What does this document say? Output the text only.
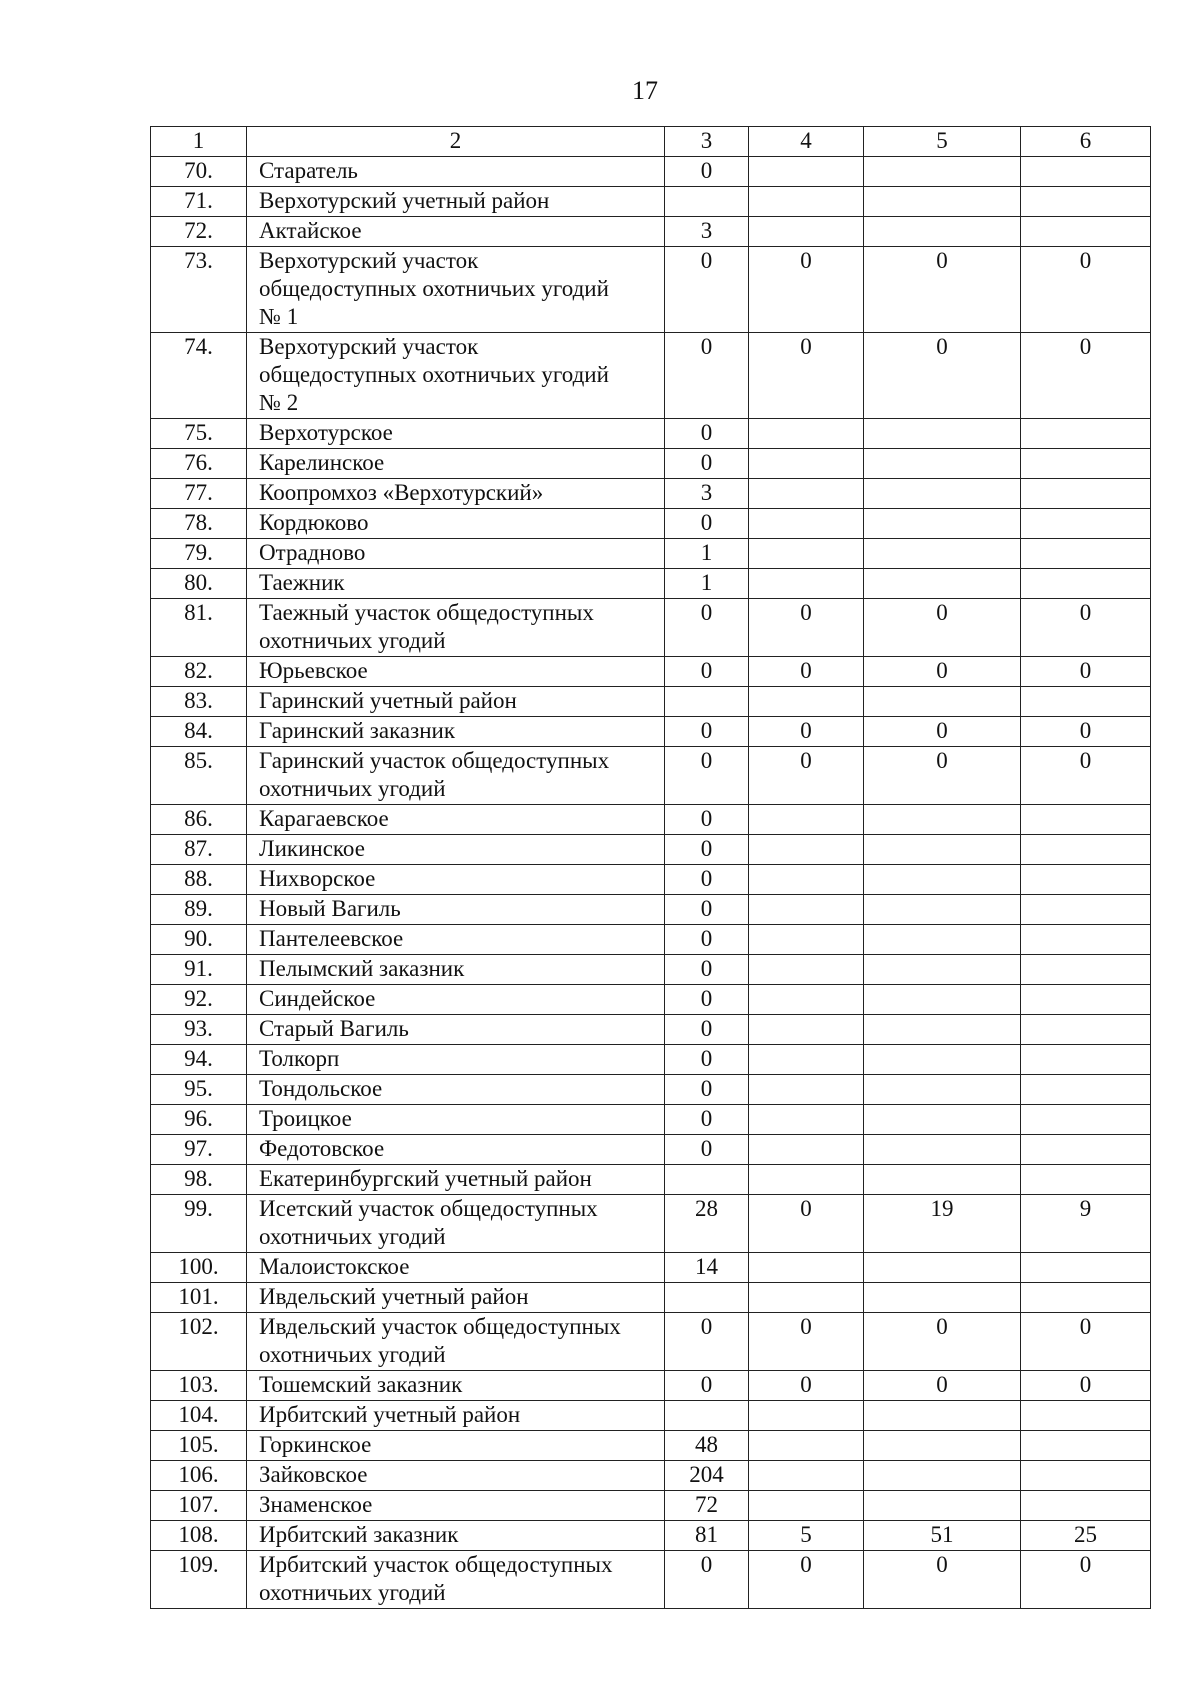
17
1	2	3	4	5	6
70.	Старатель	0			
71.	Верхотурский учетный район				
72.	Актайское	3			
73.	Верхотурский участок
общедоступных охотничьих угодий
№ 1	0	0	0	0
74.	Верхотурский участок
общедоступных охотничьих угодий
№ 2	0	0	0	0
75.	Верхотурское	0			
76.	Карелинское	0			
77.	Коопромхоз «Верхотурский»	3			
78.	Кордюково	0			
79.	Отрадново	1			
80.	Таежник	1			
81.	Таежный участок общедоступных
охотничьих угодий	0	0	0	0
82.	Юрьевское	0	0	0	0
83.	Гаринский учетный район				
84.	Гаринский заказник	0	0	0	0
85.	Гаринский участок общедоступных
охотничьих угодий	0	0	0	0
86.	Карагаевское	0			
87.	Ликинское	0			
88.	Нихворское	0			
89.	Новый Вагиль	0			
90.	Пантелеевское	0			
91.	Пелымский заказник	0			
92.	Синдейское	0			
93.	Старый Вагиль	0			
94.	Толкорп	0			
95.	Тондольское	0			
96.	Троицкое	0			
97.	Федотовское	0			
98.	Екатеринбургский учетный район				
99.	Исетский участок общедоступных
охотничьих угодий	28	0	19	9
100.	Малоистокское	14			
101.	Ивдельский учетный район				
102.	Ивдельский участок общедоступных
охотничьих угодий	0	0	0	0
103.	Тошемский заказник	0	0	0	0
104.	Ирбитский учетный район				
105.	Горкинское	48			
106.	Зайковское	204			
107.	Знаменское	72			
108.	Ирбитский заказник	81	5	51	25
109.	Ирбитский участок общедоступных
охотничьих угодий	0	0	0	0
